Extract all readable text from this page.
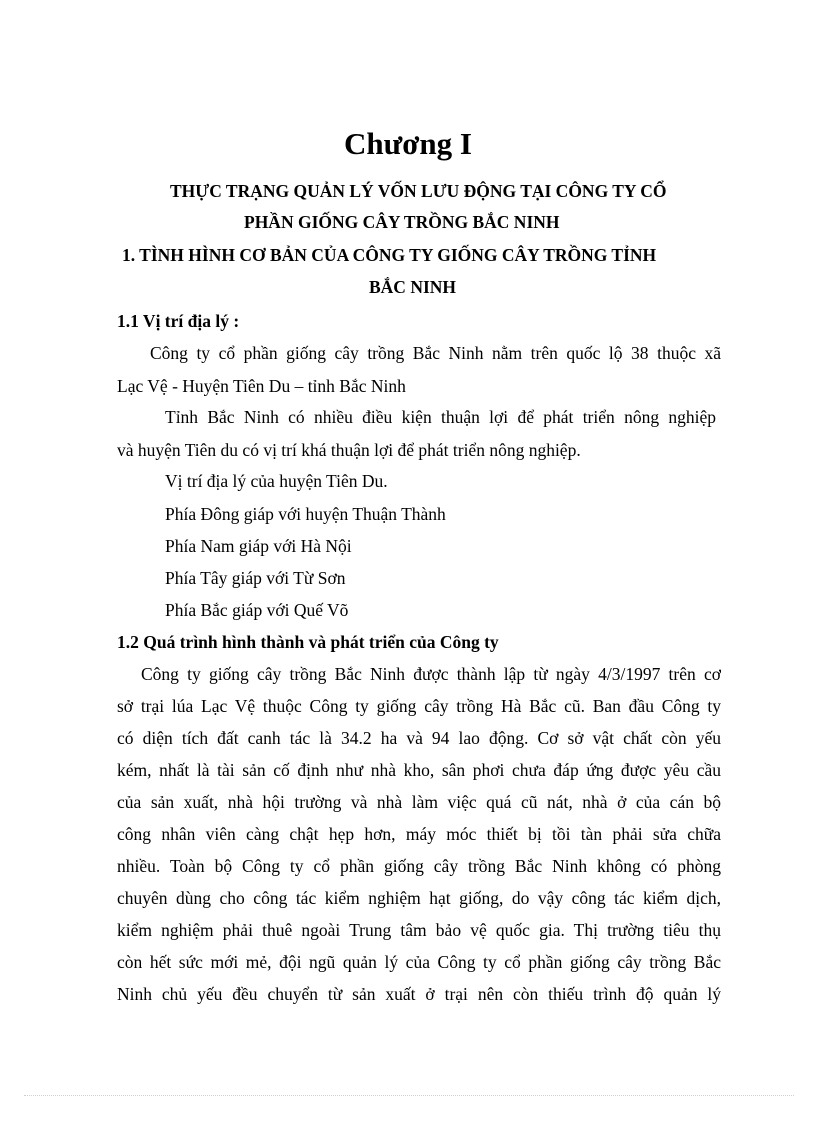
Chương I
THỰC TRẠNG QUẢN LÝ VỐN LƯU ĐỘNG TẠI CÔNG TY CỔ
PHẦN GIỐNG CÂY TRỒNG BẮC NINH
1. TÌNH HÌNH CƠ BẢN CỦA CÔNG TY GIỐNG CÂY TRỒNG TỈNH
BẮC NINH
1.1 Vị trí địa lý :
Công ty cổ phần giống cây trồng Bắc Ninh nằm trên quốc lộ 38 thuộc xã
Lạc Vệ - Huyện Tiên Du – tỉnh Bắc Ninh
Tỉnh Bắc Ninh có nhiều điều kiện thuận lợi để phát triển nông nghiệp
và huyện Tiên du có vị trí khá thuận lợi để phát triển nông nghiệp.
Vị trí địa lý của huyện Tiên Du.
Phía Đông giáp với huyện Thuận Thành
Phía Nam giáp với Hà Nội
Phía Tây giáp với Từ Sơn
Phía Bắc giáp với Quế Võ
1.2 Quá trình hình thành và phát triển của Công ty
Công ty giống cây trồng Bắc Ninh được thành lập từ ngày 4/3/1997 trên cơ
sở trại lúa Lạc Vệ thuộc Công ty giống cây trồng Hà Bắc cũ. Ban đầu Công ty
có diện tích đất canh tác là 34.2 ha và 94 lao động. Cơ sở vật chất còn yếu
kém, nhất là tài sản cố định như nhà kho, sân phơi chưa đáp ứng được yêu cầu
của sản xuất, nhà hội trường và nhà làm việc quá cũ nát, nhà ở của cán bộ
công nhân viên càng chật hẹp hơn, máy móc thiết bị tồi tàn phải sửa chữa
nhiều. Toàn bộ Công ty cổ phần giống cây trồng Bắc Ninh không có phòng
chuyên dùng cho công tác kiểm nghiệm hạt giống, do vậy công tác kiểm dịch,
kiểm nghiệm phải thuê ngoài Trung tâm bảo vệ quốc gia. Thị trường tiêu thụ
còn hết sức mới mẻ, đội ngũ quản lý của Công ty cổ phần giống cây trồng Bắc
Ninh chủ yếu đều chuyển từ sản xuất ở trại nên còn thiếu trình độ quản lý
